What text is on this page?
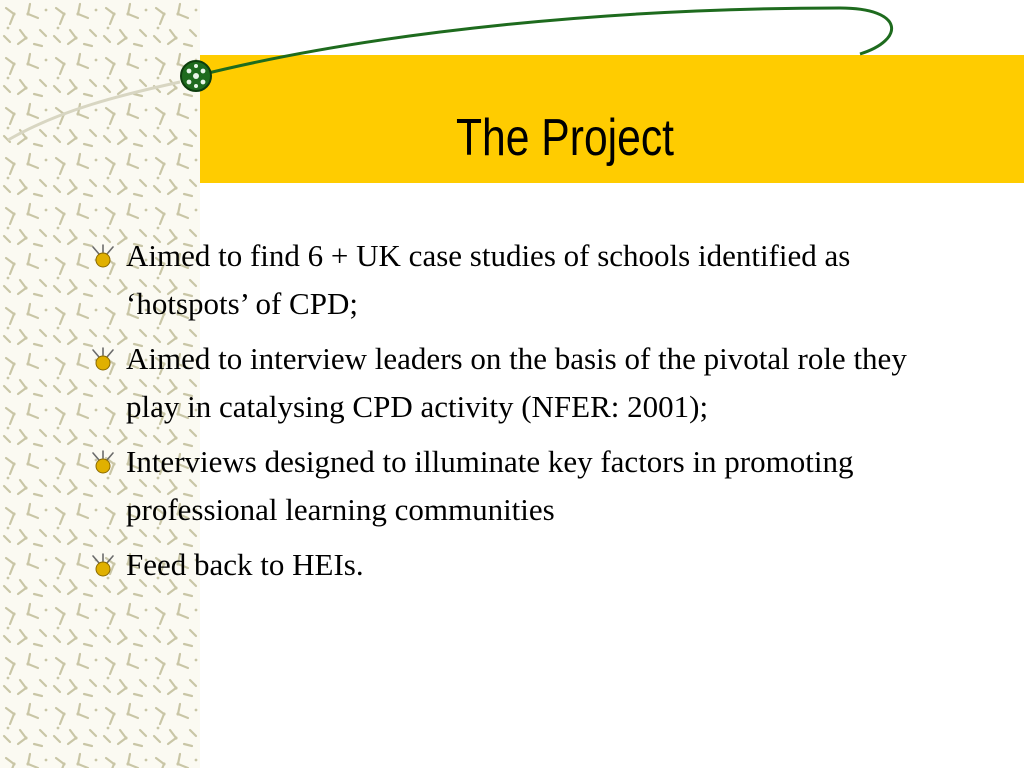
The Project
Aimed to find 6 + UK case studies of schools identified as ‘hotspots’ of CPD;
Aimed to interview leaders on the basis of the pivotal role they play in catalysing CPD activity (NFER: 2001);
Interviews designed to illuminate key factors in promoting professional learning communities
Feed back to HEIs.
